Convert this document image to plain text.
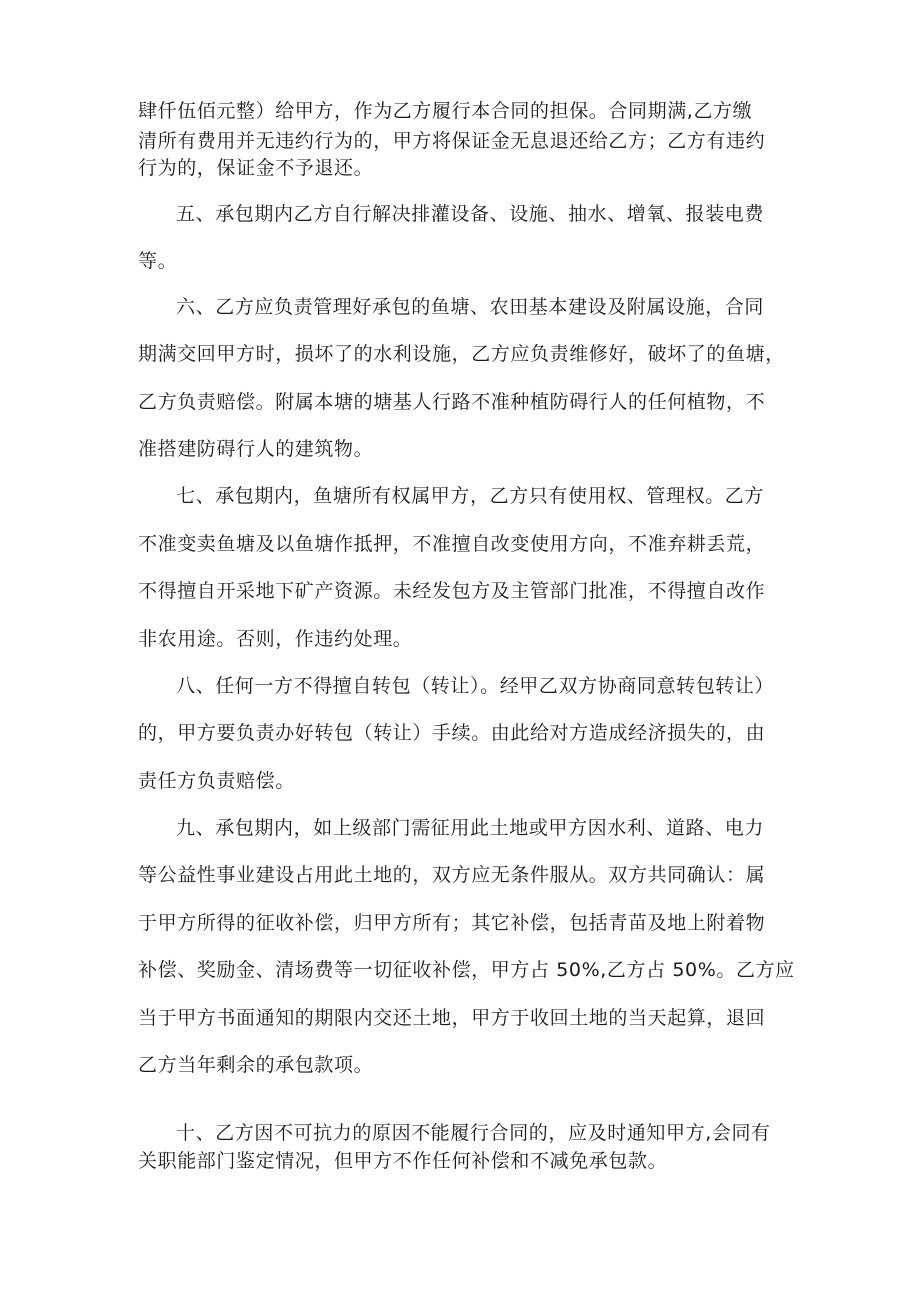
肆仟伍佰元整）给甲方，作为乙方履行本合同的担保。合同期满,乙方缴
清所有费用并无违约行为的，甲方将保证金无息退还给乙方；乙方有违约
行为的，保证金不予退还。
五、承包期内乙方自行解决排灌设备、设施、抽水、增氧、报装电费
等。
六、乙方应负责管理好承包的鱼塘、农田基本建设及附属设施，合同
期满交回甲方时，损坏了的水利设施，乙方应负责维修好，破坏了的鱼塘，
乙方负责赔偿。附属本塘的塘基人行路不准种植防碍行人的任何植物，不
准搭建防碍行人的建筑物。
七、承包期内，鱼塘所有权属甲方，乙方只有使用权、管理权。乙方
不准变卖鱼塘及以鱼塘作抵押，不准擅自改变使用方向，不准弃耕丢荒，
不得擅自开采地下矿产资源。未经发包方及主管部门批准，不得擅自改作
非农用途。否则，作违约处理。
八、任何一方不得擅自转包（转让）。经甲乙双方协商同意转包转让）
的，甲方要负责办好转包（转让）手续。由此给对方造成经济损失的，由
责任方负责赔偿。
九、承包期内，如上级部门需征用此土地或甲方因水利、道路、电力
等公益性事业建设占用此土地的，双方应无条件服从。双方共同确认：属
于甲方所得的征收补偿，归甲方所有；其它补偿，包括青苗及地上附着物
补偿、奖励金、清场费等一切征收补偿，甲方占 50%,乙方占 50%。乙方应
当于甲方书面通知的期限内交还土地，甲方于收回土地的当天起算，退回
乙方当年剩余的承包款项。
十、乙方因不可抗力的原因不能履行合同的，应及时通知甲方,会同有
关职能部门鉴定情况，但甲方不作任何补偿和不减免承包款。
